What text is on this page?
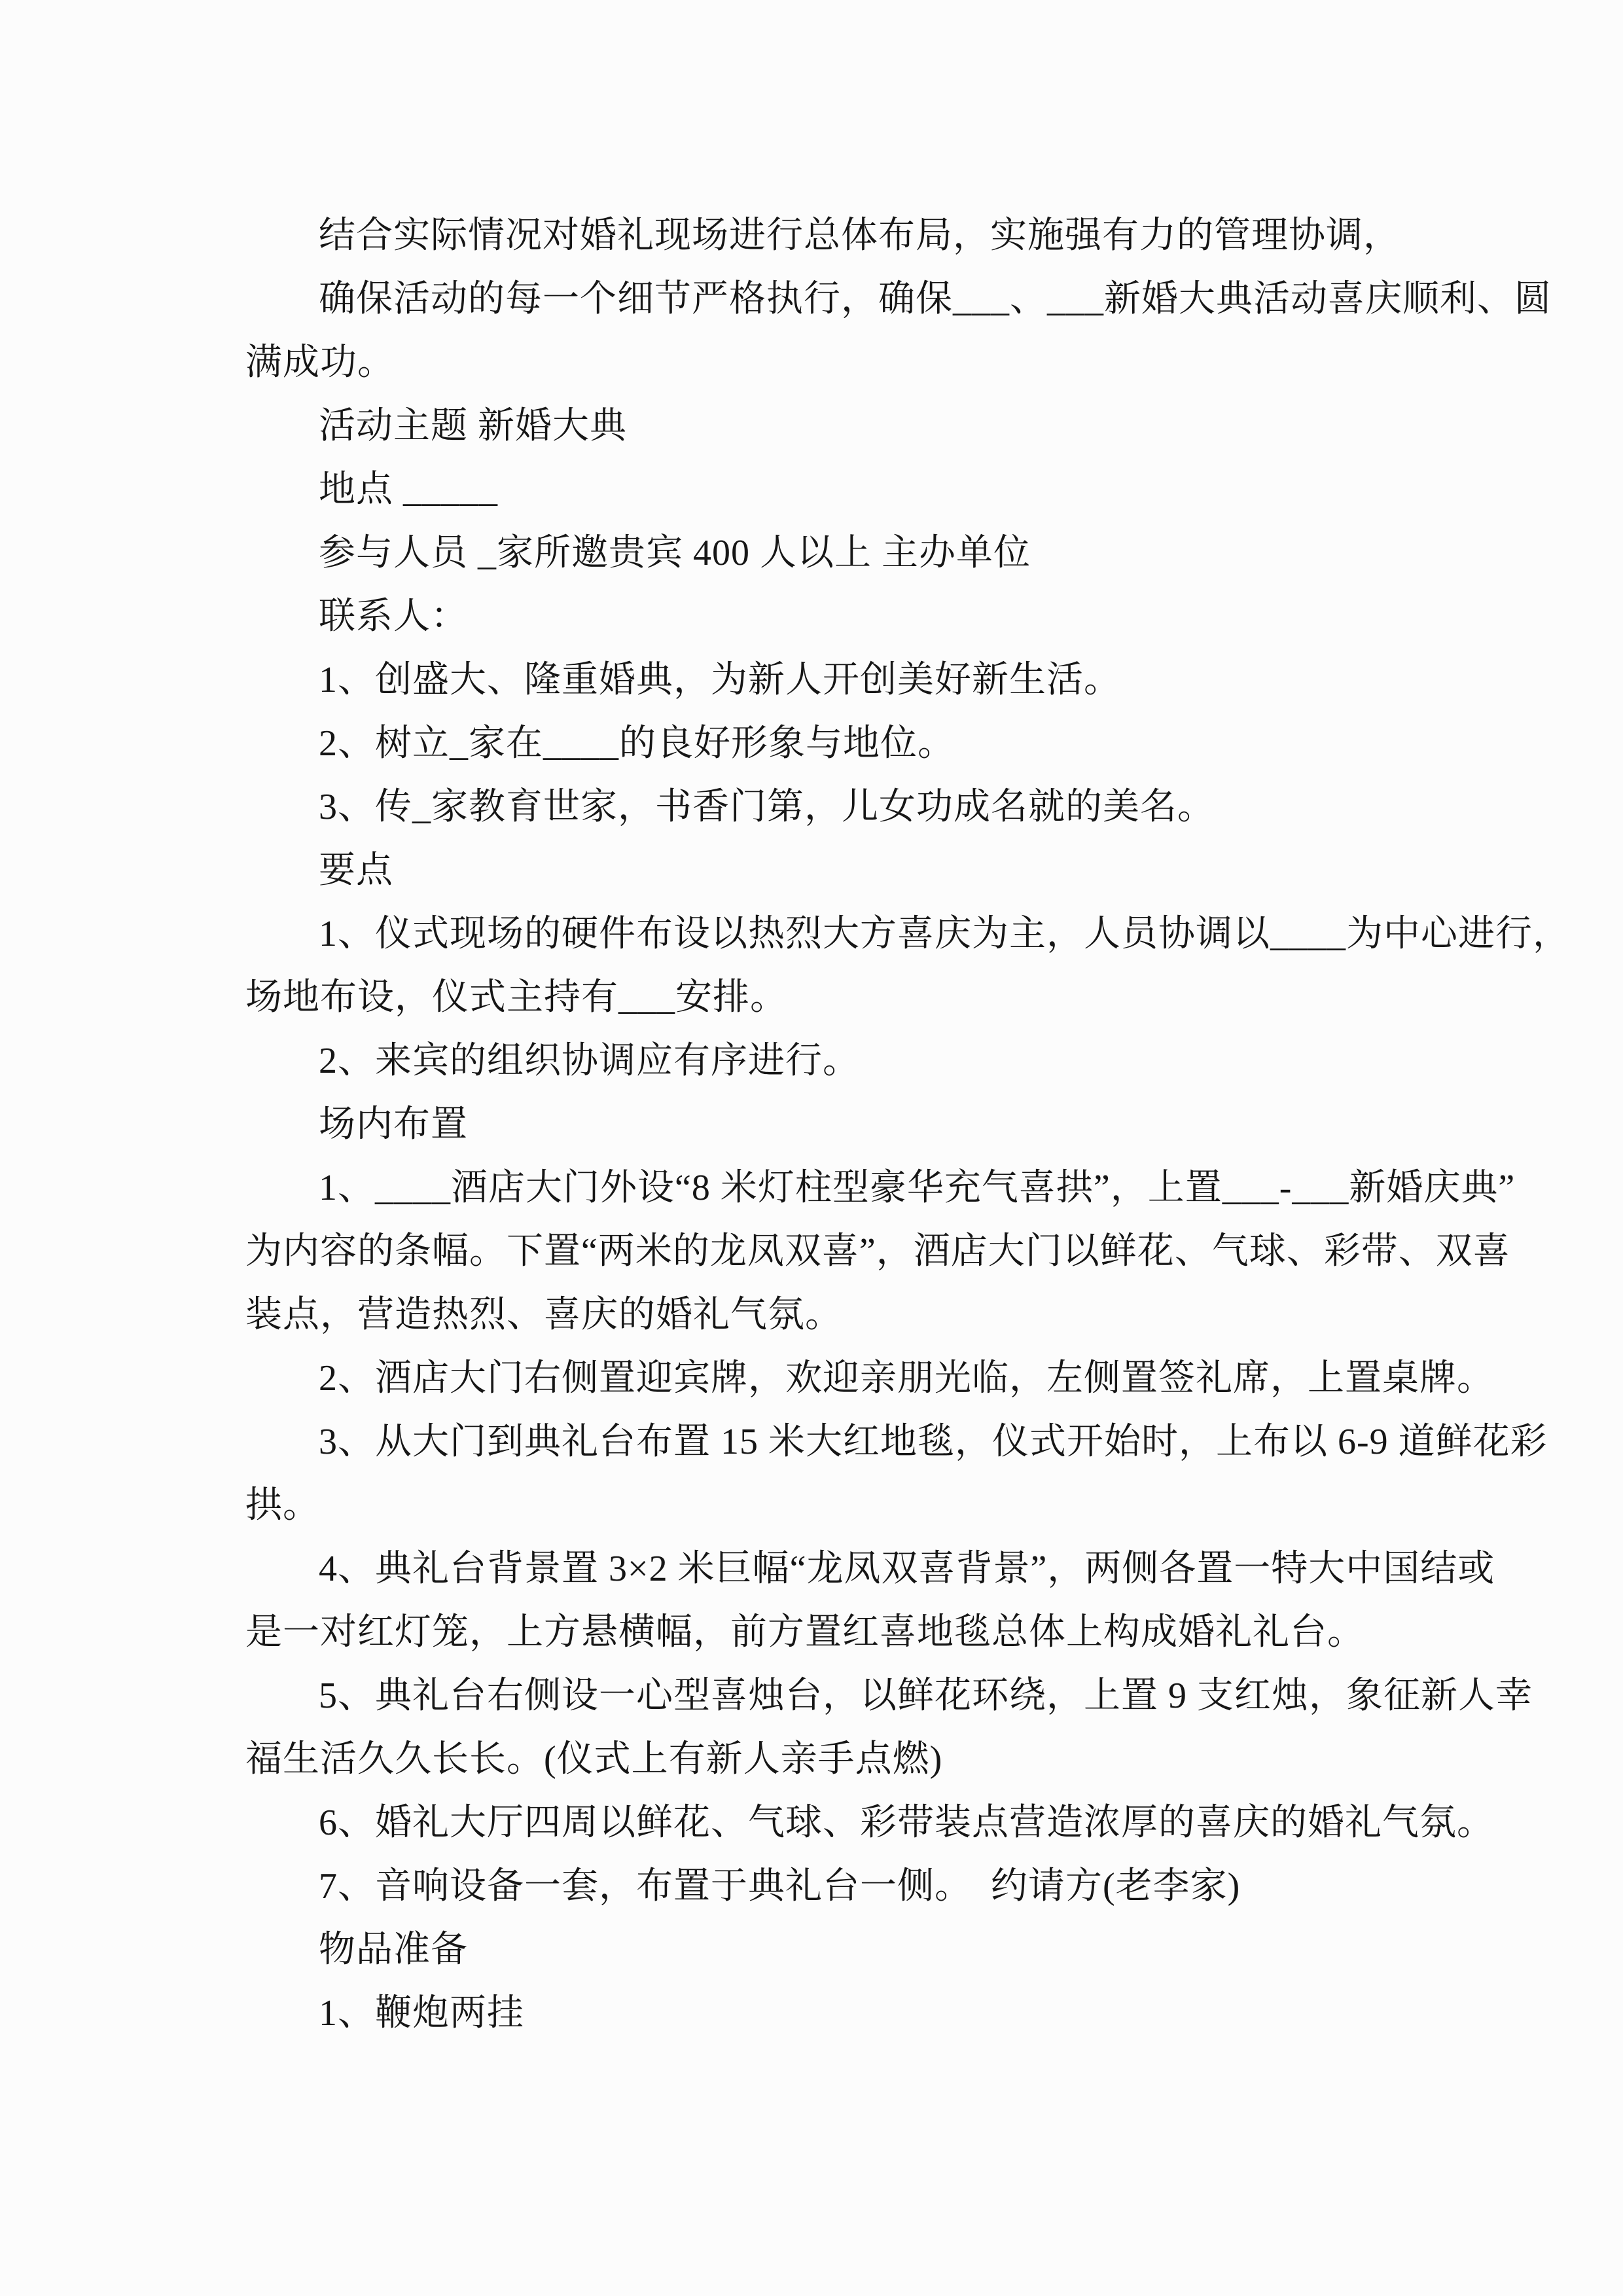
结合实际情况对婚礼现场进行总体布局，实施强有力的管理协调，
确保活动的每一个细节严格执行，确保___、___新婚大典活动喜庆顺利、圆
满成功。
活动主题 新婚大典
地点 _____
参与人员 _家所邀贵宾 400 人以上 主办单位
联系人：
1、创盛大、隆重婚典，为新人开创美好新生活。
2、树立_家在____的良好形象与地位。
3、传_家教育世家，书香门第，儿女功成名就的美名。
要点
1、仪式现场的硬件布设以热烈大方喜庆为主，人员协调以____为中心进行，
场地布设，仪式主持有___安排。
2、来宾的组织协调应有序进行。
场内布置
1、____酒店大门外设“8 米灯柱型豪华充气喜拱”，上置___-___新婚庆典”
为内容的条幅。下置“两米的龙凤双喜”，酒店大门以鲜花、气球、彩带、双喜
装点，营造热烈、喜庆的婚礼气氛。
2、酒店大门右侧置迎宾牌，欢迎亲朋光临，左侧置签礼席，上置桌牌。
3、从大门到典礼台布置 15 米大红地毯，仪式开始时，上布以 6-9 道鲜花彩
拱。
4、典礼台背景置 3×2 米巨幅“龙凤双喜背景”，两侧各置一特大中国结或
是一对红灯笼，上方悬横幅，前方置红喜地毯总体上构成婚礼礼台。
5、典礼台右侧设一心型喜烛台，以鲜花环绕，上置 9 支红烛，象征新人幸
福生活久久长长。(仪式上有新人亲手点燃)
6、婚礼大厅四周以鲜花、气球、彩带装点营造浓厚的喜庆的婚礼气氛。
7、音响设备一套，布置于典礼台一侧。　约请方(老李家)
物品准备
1、鞭炮两挂
